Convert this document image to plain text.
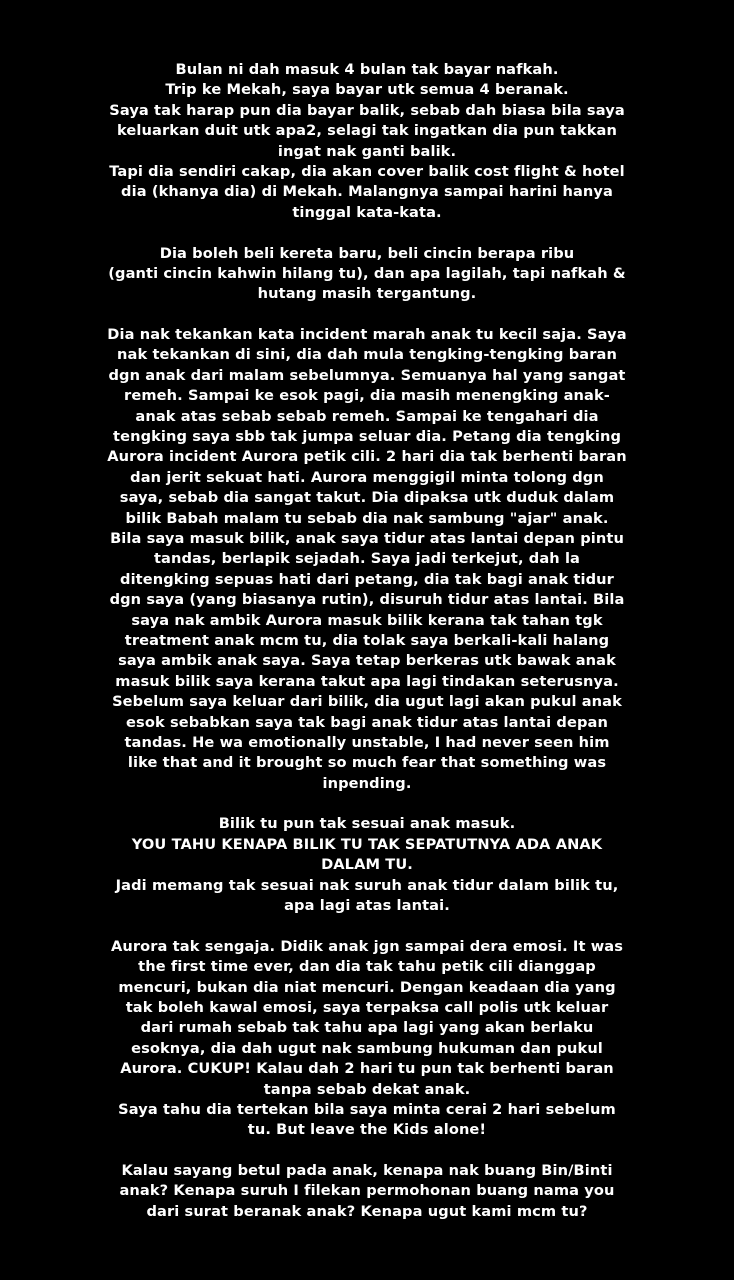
Bulan ni dah masuk 4 bulan tak bayar nafkah.
Trip ke Mekah, saya bayar utk semua 4 beranak.
Saya tak harap pun dia bayar balik, sebab dah biasa bila saya
keluarkan duit utk apa2, selagi tak ingatkan dia pun takkan
ingat nak ganti balik.
Tapi dia sendiri cakap, dia akan cover balik cost flight & hotel
dia (khanya dia) di Mekah. Malangnya sampai harini hanya
tinggal kata-kata.
Dia boleh beli kereta baru, beli cincin berapa ribu
(ganti cincin kahwin hilang tu), dan apa lagilah, tapi nafkah &
hutang masih tergantung.
Dia nak tekankan kata incident marah anak tu kecil saja. Saya
nak tekankan di sini, dia dah mula tengking-tengking baran
dgn anak dari malam sebelumnya. Semuanya hal yang sangat
remeh. Sampai ke esok pagi, dia masih menengking anak-
anak atas sebab sebab remeh. Sampai ke tengahari dia
tengking saya sbb tak jumpa seluar dia. Petang dia tengking
Aurora incident Aurora petik cili. 2 hari dia tak berhenti baran
dan jerit sekuat hati. Aurora menggigil minta tolong dgn
saya, sebab dia sangat takut. Dia dipaksa utk duduk dalam
bilik Babah malam tu sebab dia nak sambung "ajar" anak.
Bila saya masuk bilik, anak saya tidur atas lantai depan pintu
tandas, berlapik sejadah. Saya jadi terkejut, dah la
ditengking sepuas hati dari petang, dia tak bagi anak tidur
dgn saya (yang biasanya rutin), disuruh tidur atas lantai. Bila
saya nak ambik Aurora masuk bilik kerana tak tahan tgk
treatment anak mcm tu, dia tolak saya berkali-kali halang
saya ambik anak saya. Saya tetap berkeras utk bawak anak
masuk bilik saya kerana takut apa lagi tindakan seterusnya.
Sebelum saya keluar dari bilik, dia ugut lagi akan pukul anak
esok sebabkan saya tak bagi anak tidur atas lantai depan
tandas. He wa emotionally unstable, I had never seen him
like that and it brought so much fear that something was
inpending.
Bilik tu pun tak sesuai anak masuk.
YOU TAHU KENAPA BILIK TU TAK SEPATUTNYA ADA ANAK
DALAM TU.
Jadi memang tak sesuai nak suruh anak tidur dalam bilik tu,
apa lagi atas lantai.
Aurora tak sengaja. Didik anak jgn sampai dera emosi. It was
the first time ever, dan dia tak tahu petik cili dianggap
mencuri, bukan dia niat mencuri. Dengan keadaan dia yang
tak boleh kawal emosi, saya terpaksa call polis utk keluar
dari rumah sebab tak tahu apa lagi yang akan berlaku
esoknya, dia dah ugut nak sambung hukuman dan pukul
Aurora. CUKUP! Kalau dah 2 hari tu pun tak berhenti baran
tanpa sebab dekat anak.
Saya tahu dia tertekan bila saya minta cerai 2 hari sebelum
tu. But leave the Kids alone!
Kalau sayang betul pada anak, kenapa nak buang Bin/Binti
anak? Kenapa suruh I filekan permohonan buang nama you
dari surat beranak anak? Kenapa ugut kami mcm tu?
